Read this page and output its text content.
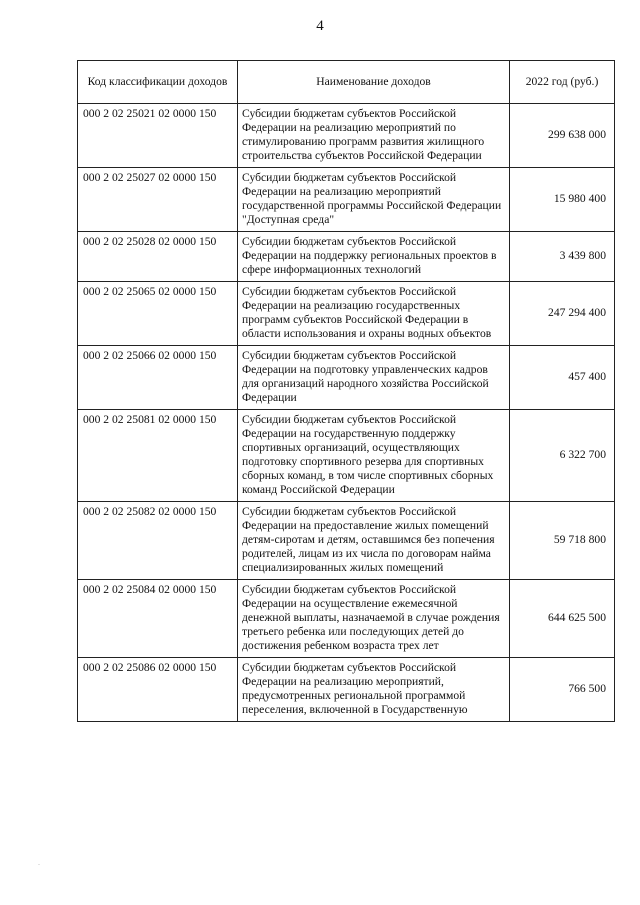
4
Код классификации доходов	Наименование доходов	2022 год (руб.)
000 2 02 25021 02 0000 150	Субсидии бюджетам субъектов Российской Федерации на реализацию мероприятий по стимулированию программ развития жилищного строительства субъектов Российской Федерации	299 638 000
000 2 02 25027 02 0000 150	Субсидии бюджетам субъектов Российской Федерации на реализацию мероприятий государственной программы Российской Федерации "Доступная среда"	15 980 400
000 2 02 25028 02 0000 150	Субсидии бюджетам субъектов Российской Федерации на поддержку региональных проектов в сфере информационных технологий	3 439 800
000 2 02 25065 02 0000 150	Субсидии бюджетам субъектов Российской Федерации на реализацию государственных программ субъектов Российской Федерации в области использования и охраны водных объектов	247 294 400
000 2 02 25066 02 0000 150	Субсидии бюджетам субъектов Российской Федерации на подготовку управленческих кадров для организаций народного хозяйства Российской Федерации	457 400
000 2 02 25081 02 0000 150	Субсидии бюджетам субъектов Российской Федерации на государственную поддержку спортивных организаций, осуществляющих подготовку спортивного резерва для спортивных сборных команд, в том числе спортивных сборных команд Российской Федерации	6 322 700
000 2 02 25082 02 0000 150	Субсидии бюджетам субъектов Российской Федерации на предоставление жилых помещений детям-сиротам и детям, оставшимся без попечения родителей, лицам из их числа по договорам найма специализированных жилых помещений	59 718 800
000 2 02 25084 02 0000 150	Субсидии бюджетам субъектов Российской Федерации на осуществление ежемесячной денежной выплаты, назначаемой в случае рождения третьего ребенка или последующих детей до достижения ребенком возраста трех лет	644 625 500
000 2 02 25086 02 0000 150	Субсидии бюджетам субъектов Российской Федерации на реализацию мероприятий, предусмотренных региональной программой переселения, включенной в Государственную	766 500
.
